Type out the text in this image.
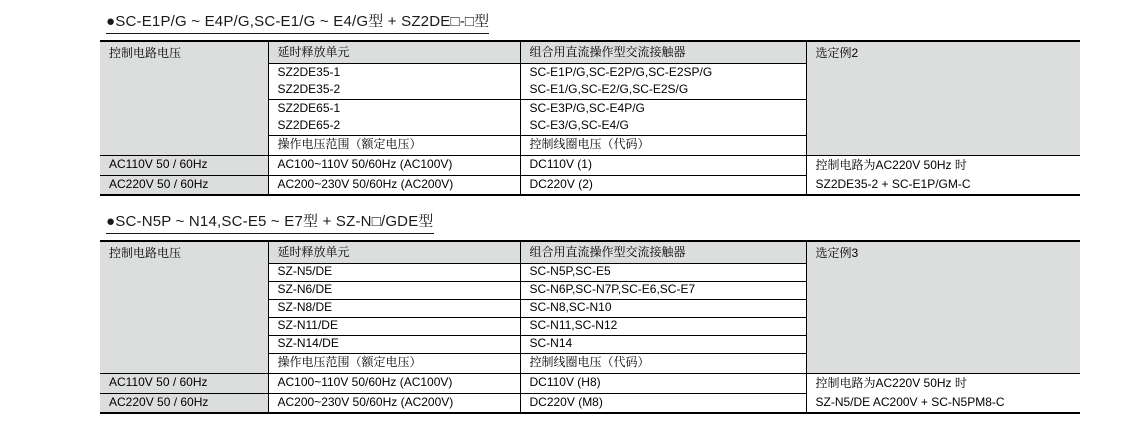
●SC-E1P/G ~ E4P/G,SC-E1/G ~ E4/G型 + SZ2DE□-□型
控制电路电压	延时释放单元	组合用直流操作型交流接触器	选定例2
	SZ2DE35-1	SC-E1P/G,SC-E2P/G,SC-E2SP/G	
	SZ2DE35-2	SC-E1/G,SC-E2/G,SC-E2S/G	
	SZ2DE65-1	SC-E3P/G,SC-E4P/G	
	SZ2DE65-2	SC-E3/G,SC-E4/G	
	操作电压范围（额定电压）	控制线圈电压（代码）	
AC110V 50 / 60Hz	AC100~110V 50/60Hz (AC100V)	DC110V (1)	控制电路为AC220V 50Hz 时
AC220V 50 / 60Hz	AC200~230V 50/60Hz (AC200V)	DC220V (2)	SZ2DE35-2 + SC-E1P/GM-C
●SC-N5P ~ N14,SC-E5 ~ E7型 + SZ-N□/GDE型
控制电路电压	延时释放单元	组合用直流操作型交流接触器	选定例3
	SZ-N5/DE	SC-N5P,SC-E5	
	SZ-N6/DE	SC-N6P,SC-N7P,SC-E6,SC-E7	
	SZ-N8/DE	SC-N8,SC-N10	
	SZ-N11/DE	SC-N11,SC-N12	
	SZ-N14/DE	SC-N14	
	操作电压范围（额定电压）	控制线圈电压（代码）	
AC110V 50 / 60Hz	AC100~110V 50/60Hz (AC100V)	DC110V (H8)	控制电路为AC220V 50Hz 时
AC220V 50 / 60Hz	AC200~230V 50/60Hz (AC200V)	DC220V (M8)	SZ-N5/DE AC200V + SC-N5PM8-C
